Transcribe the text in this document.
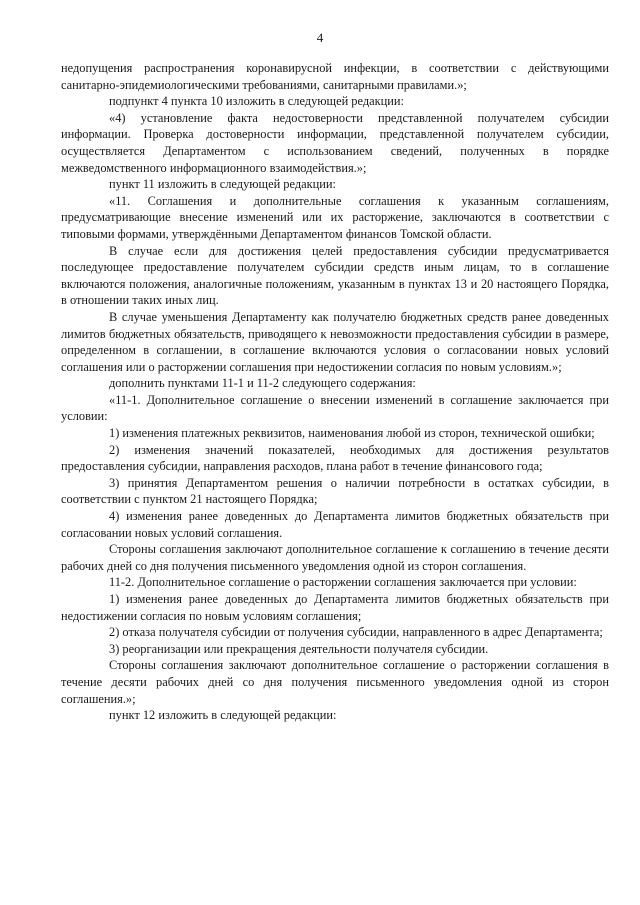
4

недопущения распространения коронавирусной инфекции, в соответствии с действующими санитарно-эпидемиологическими требованиями, санитарными правилами.»;

подпункт 4 пункта 10 изложить в следующей редакции:

«4) установление факта недостоверности представленной получателем субсидии информации. Проверка достоверности информации, представленной получателем субсидии, осуществляется Департаментом с использованием сведений, полученных в порядке межведомственного информационного взаимодействия.»;

пункт 11 изложить в следующей редакции:

«11. Соглашения и дополнительные соглашения к указанным соглашениям, предусматривающие внесение изменений или их расторжение, заключаются в соответствии с типовыми формами, утверждёнными Департаментом финансов Томской области.

В случае если для достижения целей предоставления субсидии предусматривается последующее предоставление получателем субсидии средств иным лицам, то в соглашение включаются положения, аналогичные положениям, указанным в пунктах 13 и 20 настоящего Порядка, в отношении таких иных лиц.

В случае уменьшения Департаменту как получателю бюджетных средств ранее доведенных лимитов бюджетных обязательств, приводящего к невозможности предоставления субсидии в размере, определенном в соглашении, в соглашение включаются условия о согласовании новых условий соглашения или о расторжении соглашения при недостижении согласия по новым условиям.»;

дополнить пунктами 11-1 и 11-2 следующего содержания:

«11-1. Дополнительное соглашение о внесении изменений в соглашение заключается при условии:

1) изменения платежных реквизитов, наименования любой из сторон, технической ошибки;

2) изменения значений показателей, необходимых для достижения результатов предоставления субсидии, направления расходов, плана работ в течение финансового года;

3) принятия Департаментом решения о наличии потребности в остатках субсидии, в соответствии с пунктом 21 настоящего Порядка;

4) изменения ранее доведенных до Департамента лимитов бюджетных обязательств при согласовании новых условий соглашения.

Стороны соглашения заключают дополнительное соглашение к соглашению в течение десяти рабочих дней со дня получения письменного уведомления одной из сторон соглашения.

11-2. Дополнительное соглашение о расторжении соглашения заключается при условии:

1) изменения ранее доведенных до Департамента лимитов бюджетных обязательств при недостижении согласия по новым условиям соглашения;

2) отказа получателя субсидии от получения субсидии, направленного в адрес Департамента;

3) реорганизации или прекращения деятельности получателя субсидии.

Стороны соглашения заключают дополнительное соглашение о расторжении соглашения в течение десяти рабочих дней со дня получения письменного уведомления одной из сторон соглашения.»;

пункт 12 изложить в следующей редакции:
